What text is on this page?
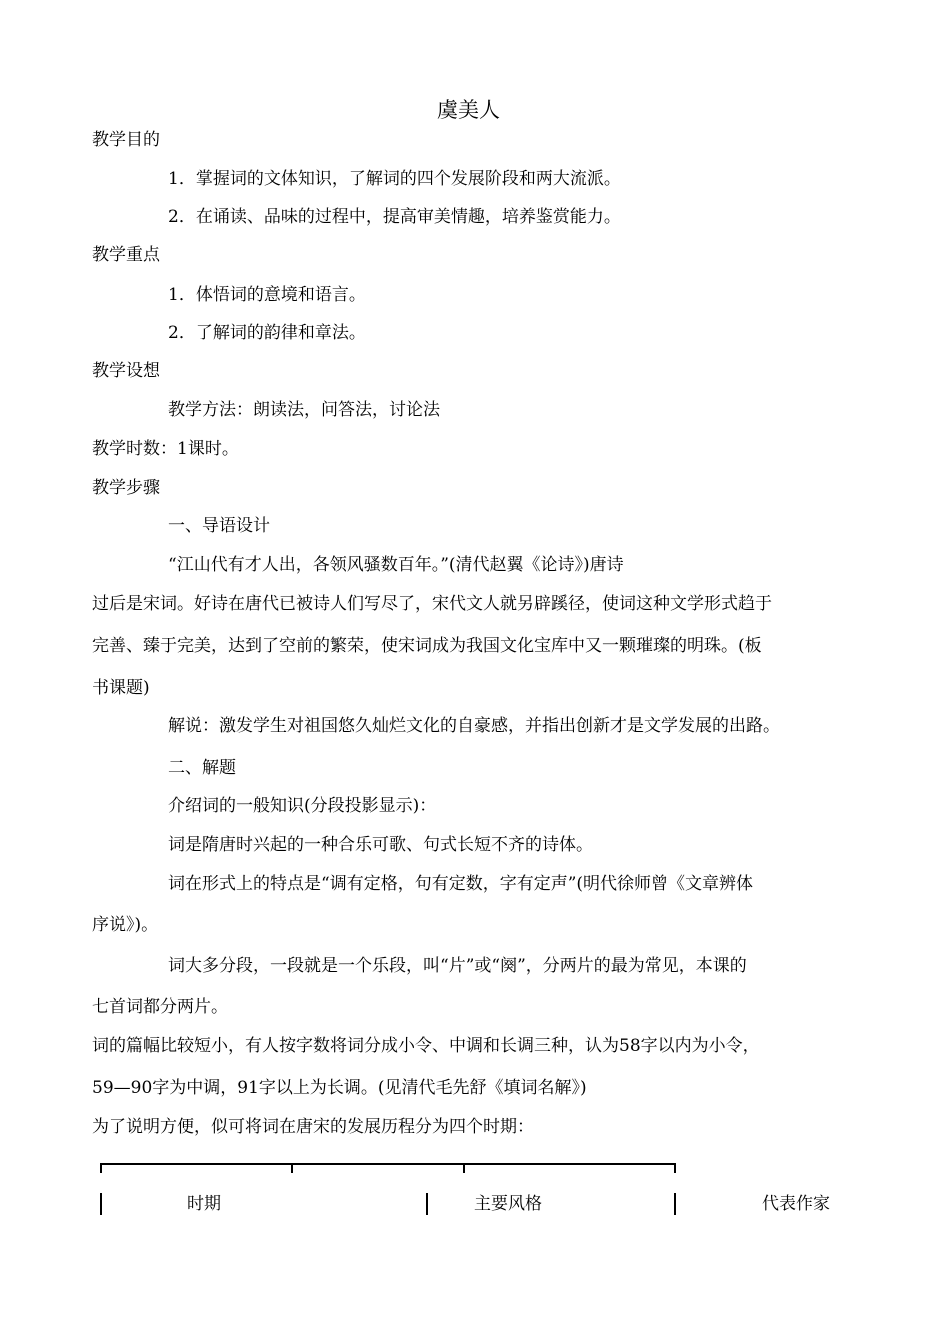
虞美人
教学目的
1．掌握词的文体知识，了解词的四个发展阶段和两大流派。
2．在诵读、品味的过程中，提高审美情趣，培养鉴赏能力。
教学重点
1．体悟词的意境和语言。
2．了解词的韵律和章法。
教学设想
教学方法：朗读法，问答法，讨论法
教学时数：1课时。
教学步骤
一、导语设计
“江山代有才人出，各领风骚数百年。”(清代赵翼《论诗》)唐诗
过后是宋词。好诗在唐代已被诗人们写尽了，宋代文人就另辟蹊径，使词这种文学形式趋于
完善、臻于完美，达到了空前的繁荣，使宋词成为我国文化宝库中又一颗璀璨的明珠。(板
书课题)
解说：激发学生对祖国悠久灿烂文化的自豪感，并指出创新才是文学发展的出路。
二、解题
介绍词的一般知识(分段投影显示)：
词是隋唐时兴起的一种合乐可歌、句式长短不齐的诗体。
词在形式上的特点是“调有定格，句有定数，字有定声”(明代徐师曾《文章辨体
序说》)。
词大多分段，一段就是一个乐段，叫“片”或“阕”，分两片的最为常见，本课的
七首词都分两片。
词的篇幅比较短小，有人按字数将词分成小令、中调和长调三种，认为58字以内为小令，
59—90字为中调，91字以上为长调。(见清代毛先舒《填词名解》)
为了说明方便，似可将词在唐宋的发展历程分为四个时期：
时期	主要风格	代表作家
